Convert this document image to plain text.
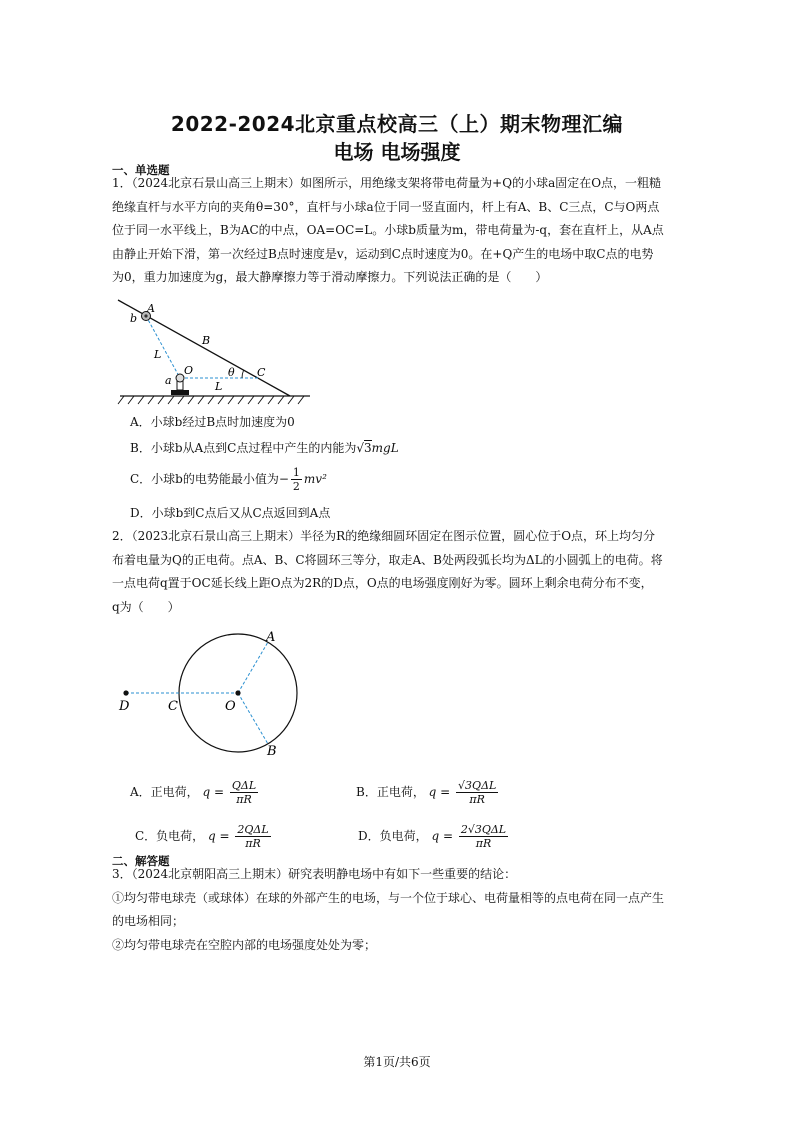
2022-2024北京重点校高三（上）期末物理汇编
电场 电场强度
一、单选题
1．（2024北京石景山高三上期末）如图所示，用绝缘支架将带电荷量为+Q的小球a固定在O点，一粗糙
绝缘直杆与水平方向的夹角θ=30°，直杆与小球a位于同一竖直面内，杆上有A、B、C三点，C与O两点
位于同一水平线上，B为AC的中点，OA=OC=L。小球b质量为m，带电荷量为-q，套在直杆上，从A点
由静止开始下滑，第一次经过B点时速度是v，运动到C点时速度为0。在+Q产生的电场中取C点的电势
为0，重力加速度为g，最大静摩擦力等于滑动摩擦力。下列说法正确的是（　　）
A
b
B
L
O	θ C
a	L
A．小球b经过B点时加速度为0
B．小球b从A点到C点过程中产生的内能为√3mgL
C．小球b的电势能最小值为− $\frac{1}{2} mv^2$
D．小球b到C点后又从C点返回到A点
2．（2023北京石景山高三上期末）半径为R的绝缘细圆环固定在图示位置，圆心位于O点，环上均匀分
布着电量为Q的正电荷。点A、B、C将圆环三等分，取走A、B处两段弧长均为ΔL的小圆弧上的电荷。将
一点电荷q置于OC延长线上距O点为2R的D点，O点的电场强度刚好为零。圆环上剩余电荷分布不变，
q为（　　）
A
B
C
D	O
A．正电荷， $q = \frac{\text{QΔL}}{\pi R}$	B．正电荷， $q = \frac{\text{√3QΔL}}{\pi R}$
C．负电荷， $q = \frac{\text{2QΔL}}{\pi R}$	D．负电荷， $q = \frac{\text{2√3QΔL}}{\pi R}$
二、解答题
3．（2024北京朝阳高三上期末）研究表明静电场中有如下一些重要的结论：
①均匀带电球壳（或球体）在球的外部产生的电场，与一个位于球心、电荷量相等的点电荷在同一点产生
的电场相同；
②均匀带电球壳在空腔内部的电场强度处处为零；
第1页/共6页
